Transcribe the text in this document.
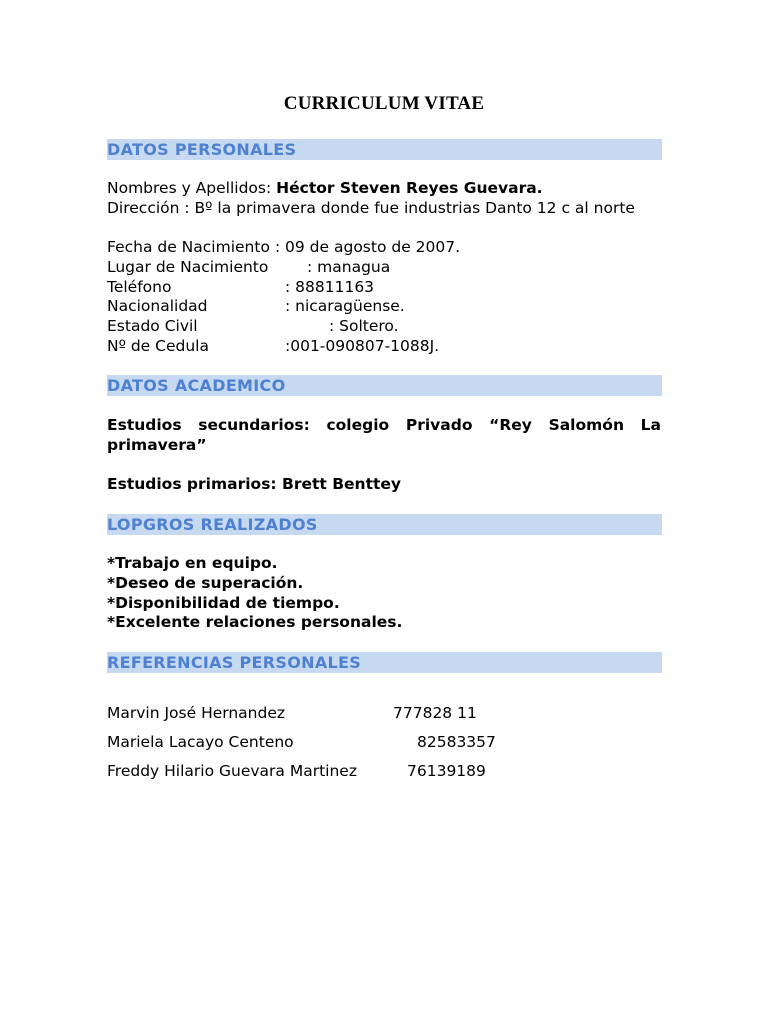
CURRICULUM VITAE
DATOS PERSONALES
Nombres y Apellidos: Héctor Steven Reyes Guevara.
Dirección : Bº la primavera donde fue industrias Danto 12 c al norte
Fecha de Nacimiento : 09 de agosto de 2007.
Lugar de Nacimiento : managua
Teléfono	: 88811163
Nacionalidad	: nicaragüense.
Estado Civil	: Soltero.
Nº de Cedula	:001-090807-1088J.
DATOS ACADEMICO
Estudios secundarios: colegio Privado “Rey Salomón La primavera”
Estudios primarios: Brett Benttey
LOPGROS REALIZADOS
*Trabajo en equipo.
*Deseo de superación.
*Disponibilidad de tiempo.
*Excelente relaciones personales.
REFERENCIAS PERSONALES
Marvin José Hernandez	777828 11
Mariela Lacayo Centeno	82583357
Freddy Hilario Guevara Martinez	76139189
